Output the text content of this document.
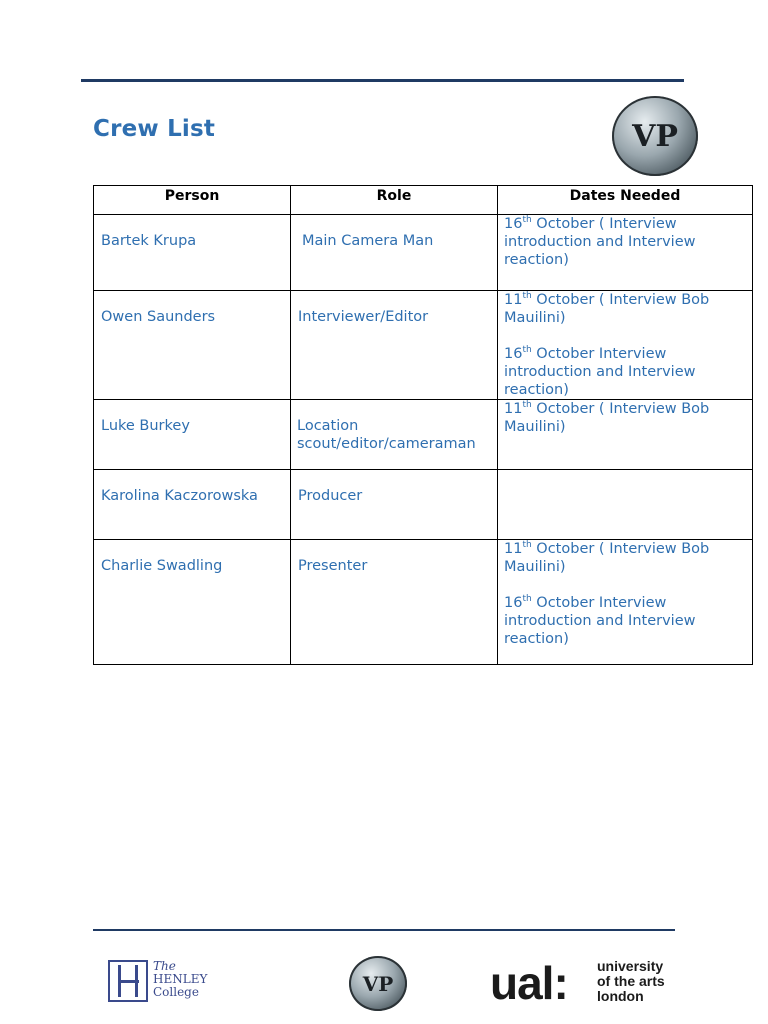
Crew List	VP
Person	Role	Dates Needed

Bartek Krupa	Main Camera Man	16th October ( Interview introduction and Interview reaction)

Owen Saunders	Interviewer/Editor	11th October ( Interview Bob Mauilini)
16th October Interview introduction and Interview reaction)

Luke Burkey	Location scout/editor/cameraman	11th October ( Interview Bob Mauilini)

Karolina Kaczorowska	Producer	

Charlie Swadling	Presenter	11th October ( Interview Bob Mauilini)
16th October Interview introduction and Interview reaction)
The
HENLEY
College	VP ual: university
of the arts
london
